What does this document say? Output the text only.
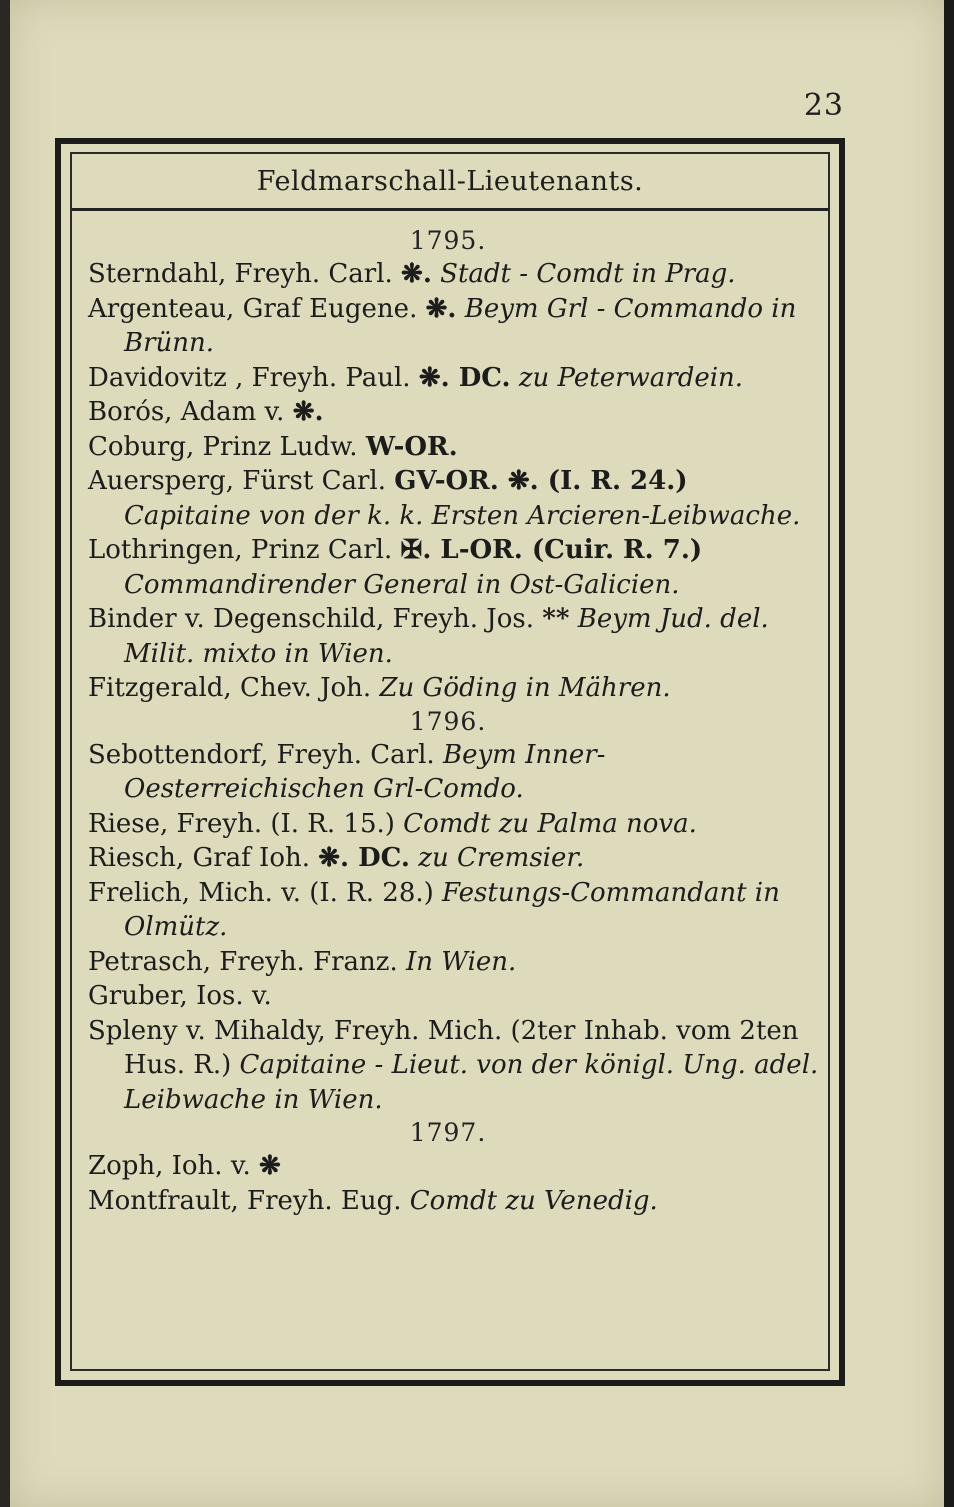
23
Feldmarschall-Lieutenants.
1795.
Sterndahl, Freyh. Carl. ❋. Stadt - Comdt in Prag.
Argenteau, Graf Eugene. ❋. Beym Grl - Commando in Brünn.
Davidovitz , Freyh. Paul. ❋. DC. zu Peterwardein.
Borós, Adam v. ❋.
Coburg, Prinz Ludw. W-OR.
Auersperg, Fürst Carl. GV-OR. ❋. (I. R. 24.) Capitaine von der k. k. Ersten Arcieren-Leibwache.
Lothringen, Prinz Carl. ✠. L-OR. (Cuir. R. 7.) Commandirender General in Ost-Galicien.
Binder v. Degenschild, Freyh. Jos. ** Beym Jud. del. Milit. mixto in Wien.
Fitzgerald, Chev. Joh. Zu Göding in Mähren.
1796.
Sebottendorf, Freyh. Carl. Beym Inner-Oesterreichischen Grl-Comdo.
Riese, Freyh. (I. R. 15.) Comdt zu Palma nova.
Riesch, Graf Ioh. ❋. DC. zu Cremsier.
Frelich, Mich. v. (I. R. 28.) Festungs-Commandant in Olmütz.
Petrasch, Freyh. Franz. In Wien.
Gruber, Ios. v.
Spleny v. Mihaldy, Freyh. Mich. (2ter Inhab. vom 2ten Hus. R.) Capitaine - Lieut. von der königl. Ung. adel. Leibwache in Wien.
1797.
Zoph, Ioh. v. ❋
Montfrault, Freyh. Eug. Comdt zu Venedig.
